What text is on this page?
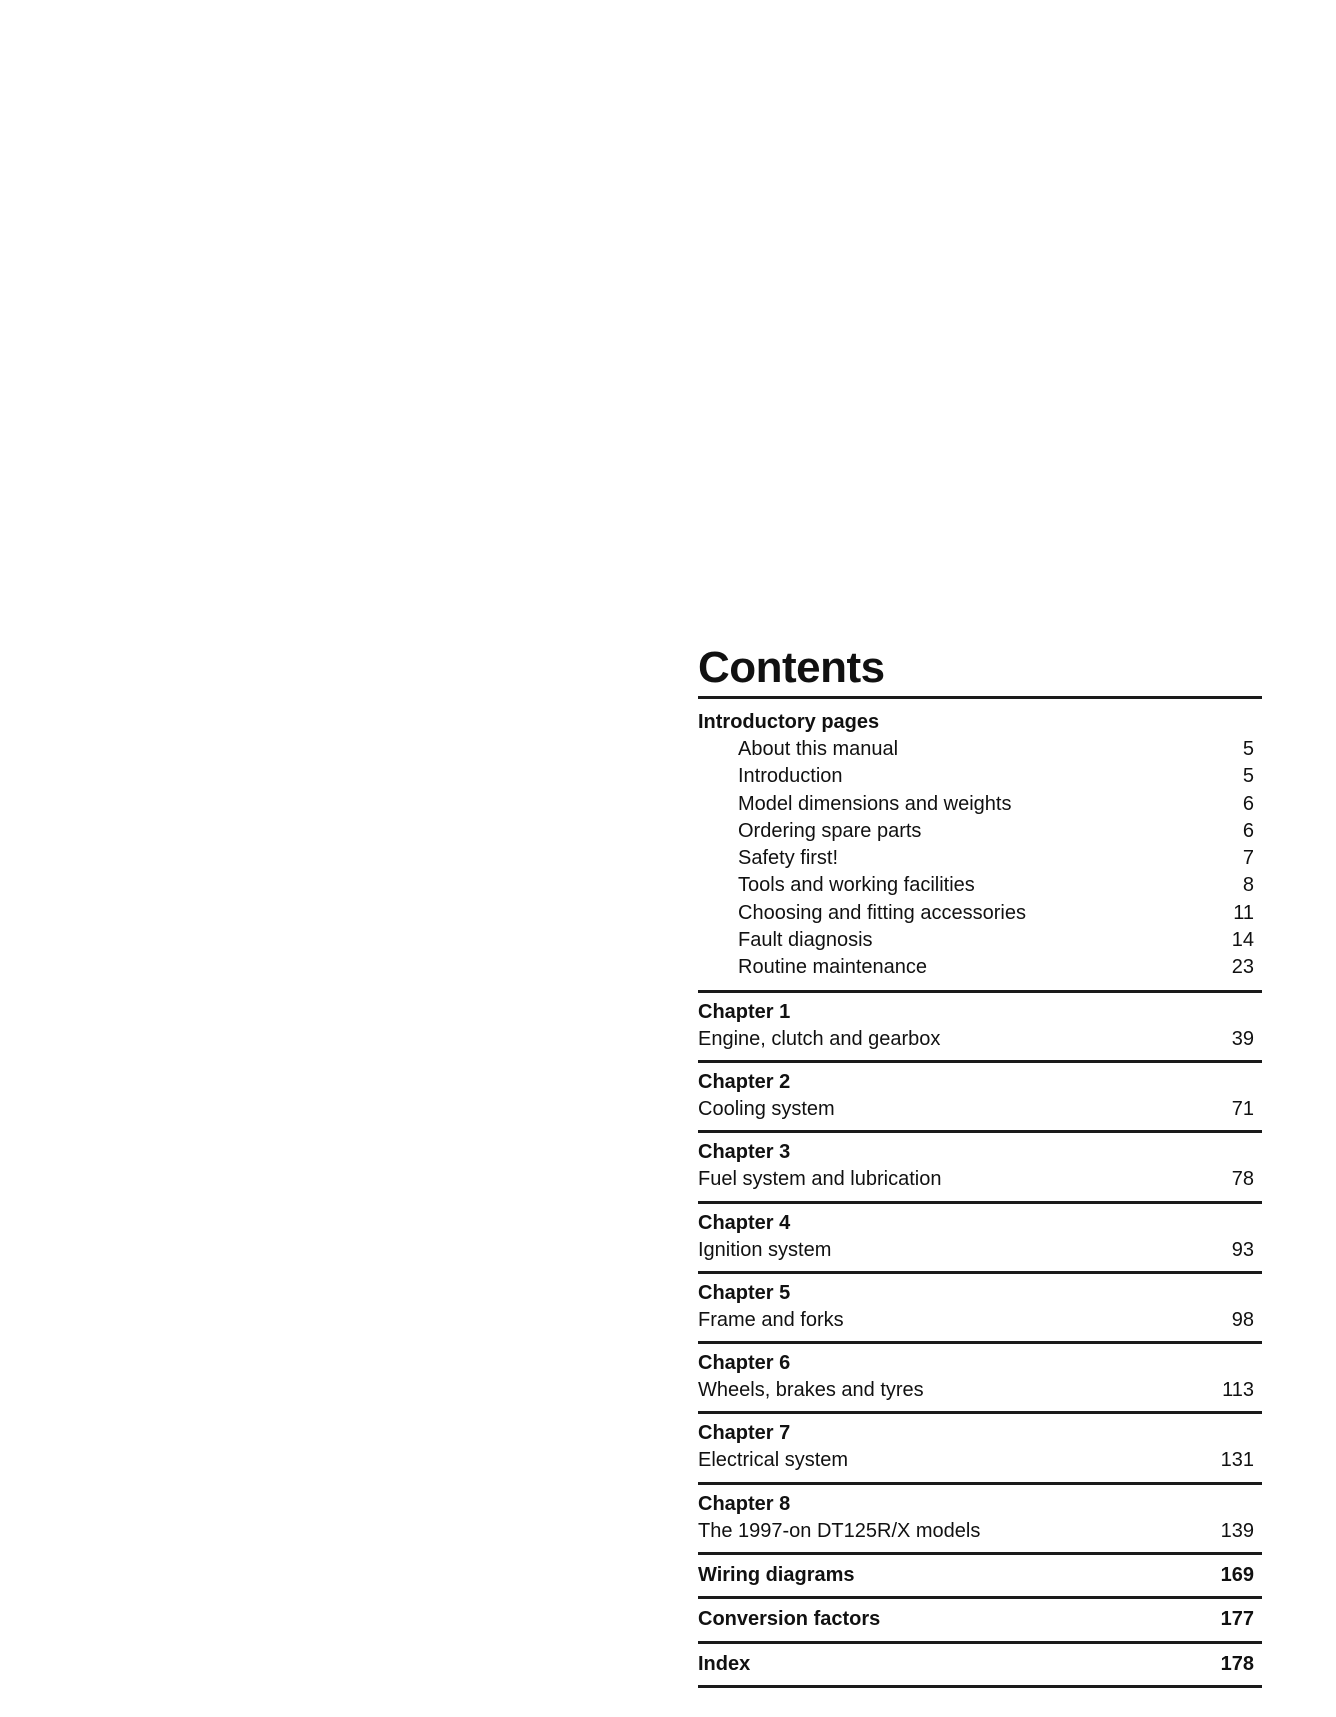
Contents
Introductory pages
About this manual	5
Introduction	5
Model dimensions and weights	6
Ordering spare parts	6
Safety first!	7
Tools and working facilities	8
Choosing and fitting accessories	11
Fault diagnosis	14
Routine maintenance	23
Chapter 1
Engine, clutch and gearbox	39
Chapter 2
Cooling system	71
Chapter 3
Fuel system and lubrication	78
Chapter 4
Ignition system	93
Chapter 5
Frame and forks	98
Chapter 6
Wheels, brakes and tyres	113
Chapter 7
Electrical system	131
Chapter 8
The 1997-on DT125R/X models	139
Wiring diagrams	169
Conversion factors	177
Index	178
